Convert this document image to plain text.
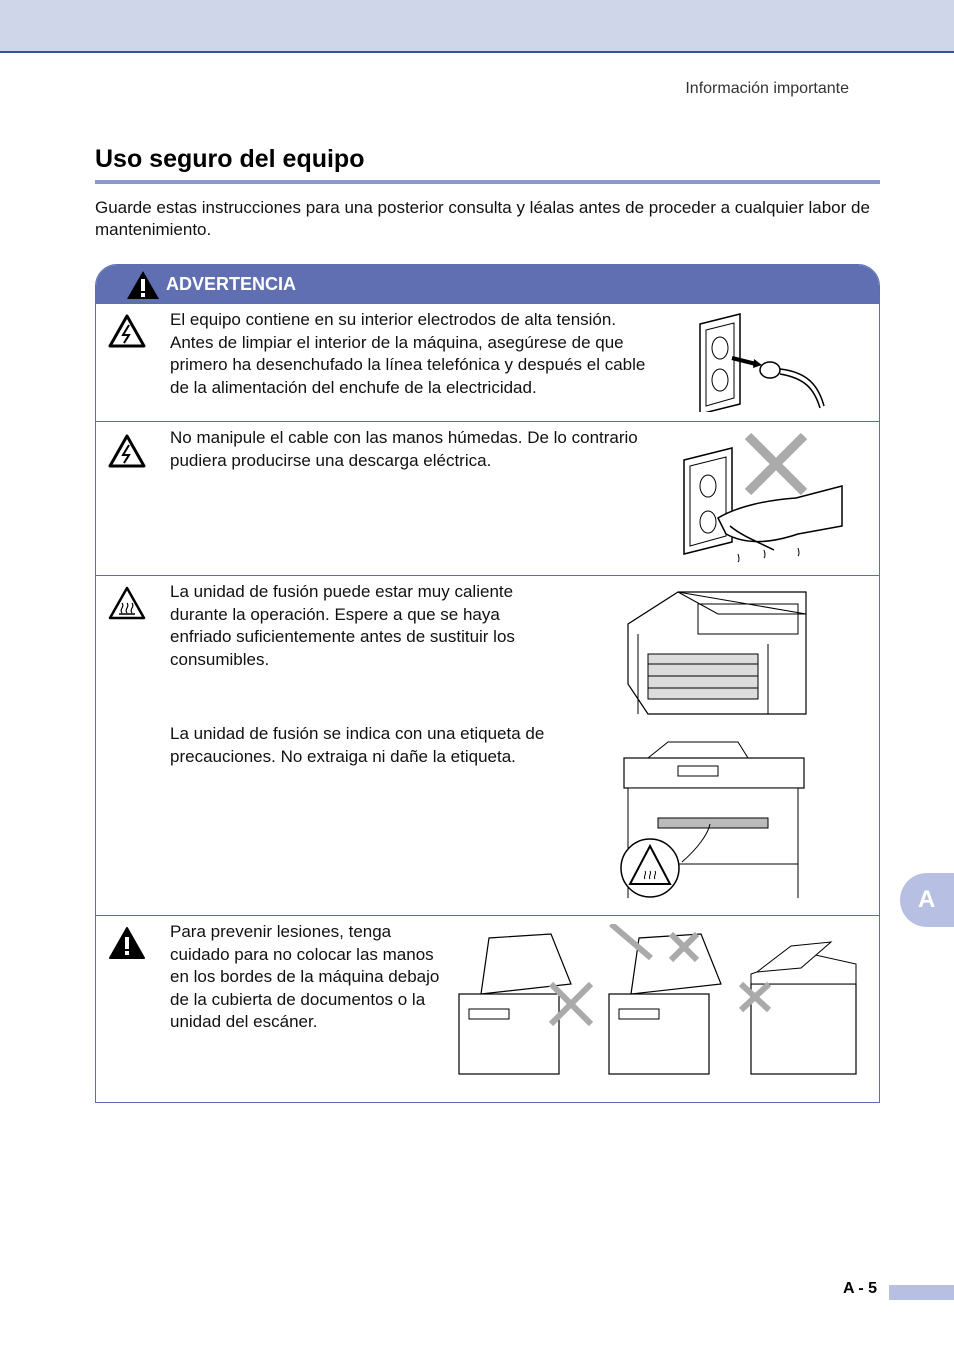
Información importante
Uso seguro del equipo
Guarde estas instrucciones para una posterior consulta y léalas antes de proceder a cualquier labor de mantenimiento.
ADVERTENCIA
El equipo contiene en su interior electrodos de alta tensión. Antes de limpiar el interior de la máquina, asegúrese de que primero ha desenchufado la línea telefónica y después el cable de la alimentación del enchufe de la electricidad.
No manipule el cable con las manos húmedas. De lo contrario pudiera producirse una descarga eléctrica.
La unidad de fusión puede estar muy caliente durante la operación. Espere a que se haya enfriado suficientemente antes de sustituir los consumibles.
La unidad de fusión se indica con una etiqueta de precauciones. No extraiga ni dañe la etiqueta.
Para prevenir lesiones, tenga cuidado para no colocar las manos en los bordes de la máquina debajo de la cubierta de documentos o la unidad del escáner.
A
A - 5
